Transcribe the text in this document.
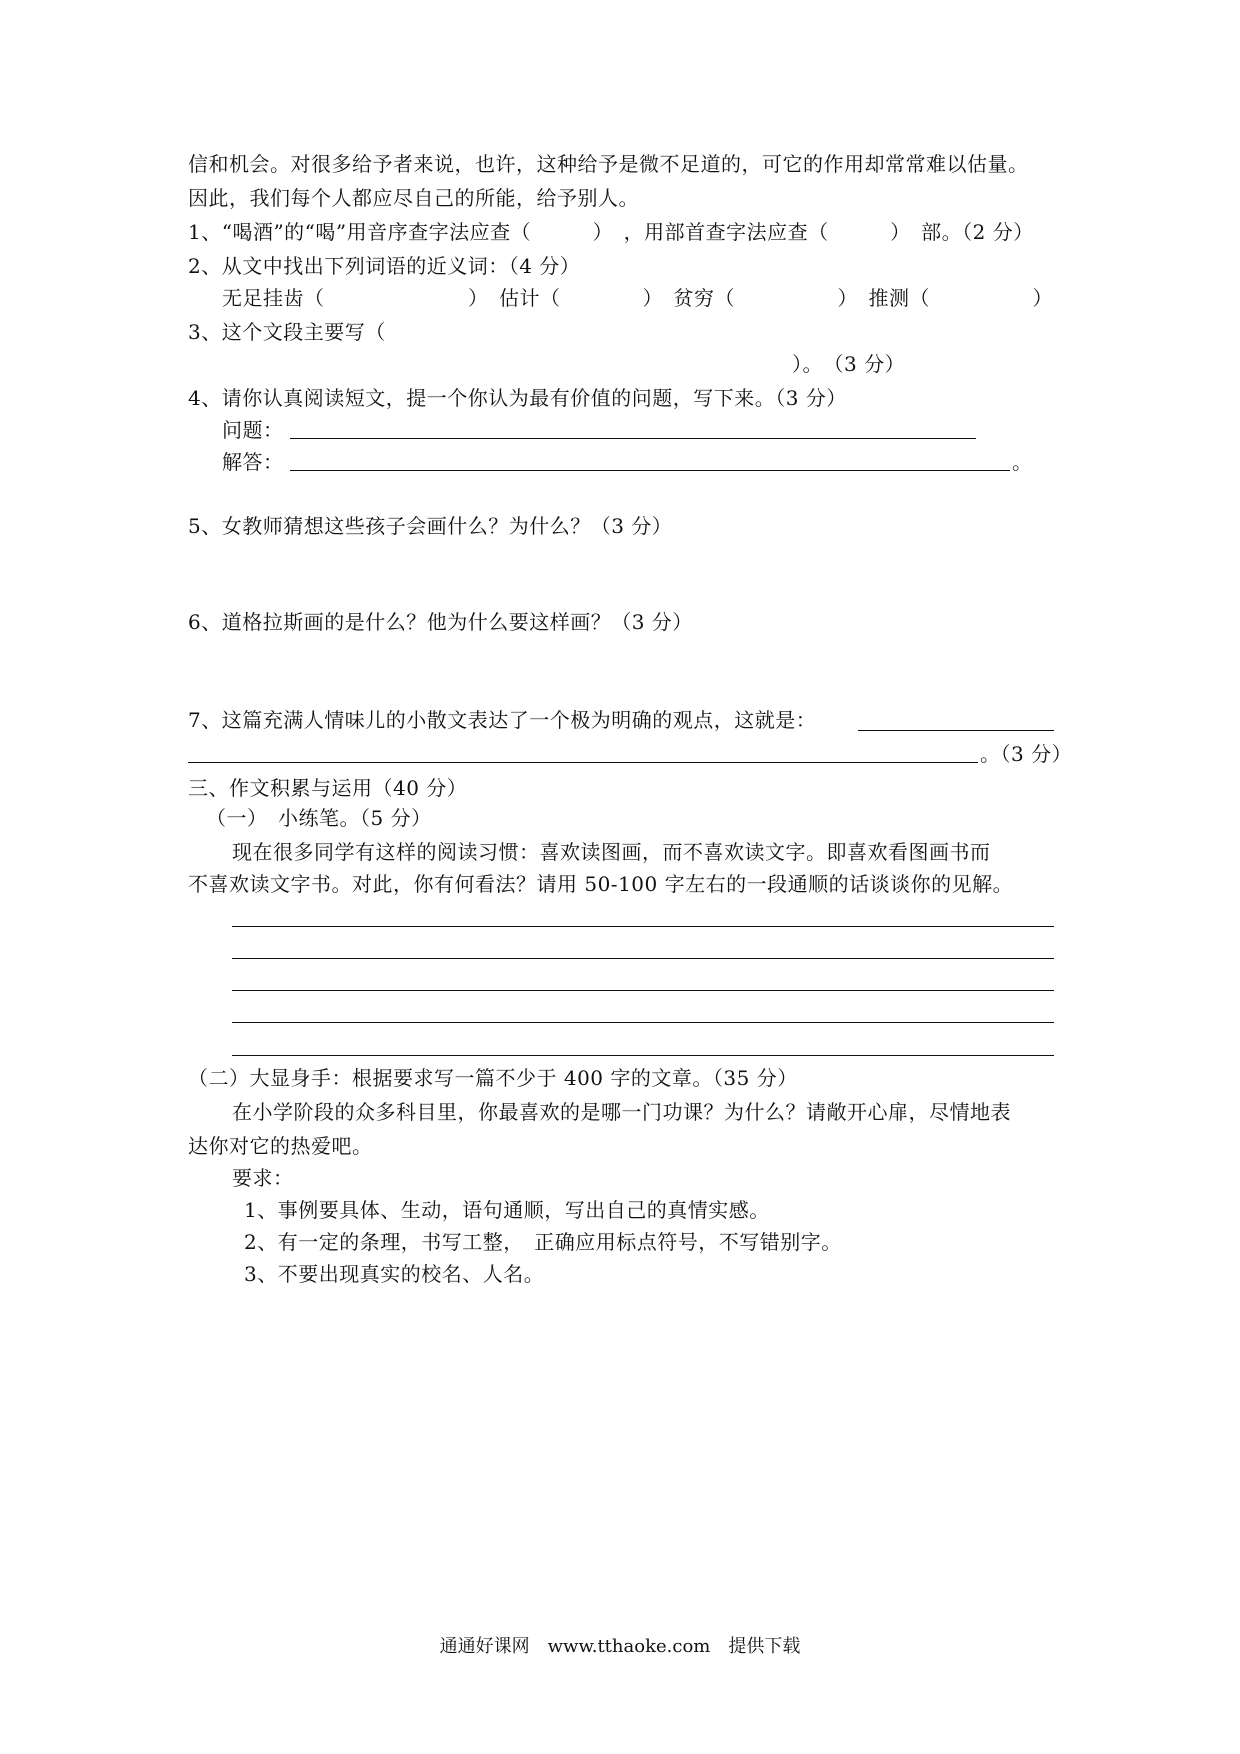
信和机会。对很多给予者来说，也许，这种给予是微不足道的，可它的作用却常常难以估量。
因此，我们每个人都应尽自己的所能，给予别人。
1、“喝酒”的“喝”用音序查字法应查（　　　）　，用部首查字法应查（　　　）　部。（2 分）
2、从文中找出下列词语的近义词：（4 分）
无足挂齿（　　　　　　　）　估计（　　　　）　贫穷（　　　　　）　推测（　　　　　）
3、这个文段主要写（
）。　（3 分）
4、请你认真阅读短文，提一个你认为最有价值的问题，写下来。（3 分）
问题：
解答：	。
5、女教师猜想这些孩子会画什么？为什么？（3 分）
6、道格拉斯画的是什么？他为什么要这样画？（3 分）
7、这篇充满人情味儿的小散文表达了一个极为明确的观点，这就是：
。（3 分）
三、作文积累与运用（40 分）
（一）　小练笔。（5 分）
现在很多同学有这样的阅读习惯：喜欢读图画，而不喜欢读文字。即喜欢看图画书而
不喜欢读文字书。对此，你有何看法？请用 50-100 字左右的一段通顺的话谈谈你的见解。
（二）大显身手：根据要求写一篇不少于 400 字的文章。（35 分）
在小学阶段的众多科目里，你最喜欢的是哪一门功课？为什么？请敞开心扉，尽情地表
达你对它的热爱吧。
要求：
1、事例要具体、生动，语句通顺，写出自己的真情实感。
2、有一定的条理，书写工整，　正确应用标点符号，不写错别字。
3、不要出现真实的校名、人名。
通通好课网　www.tthaoke.com　提供下载
